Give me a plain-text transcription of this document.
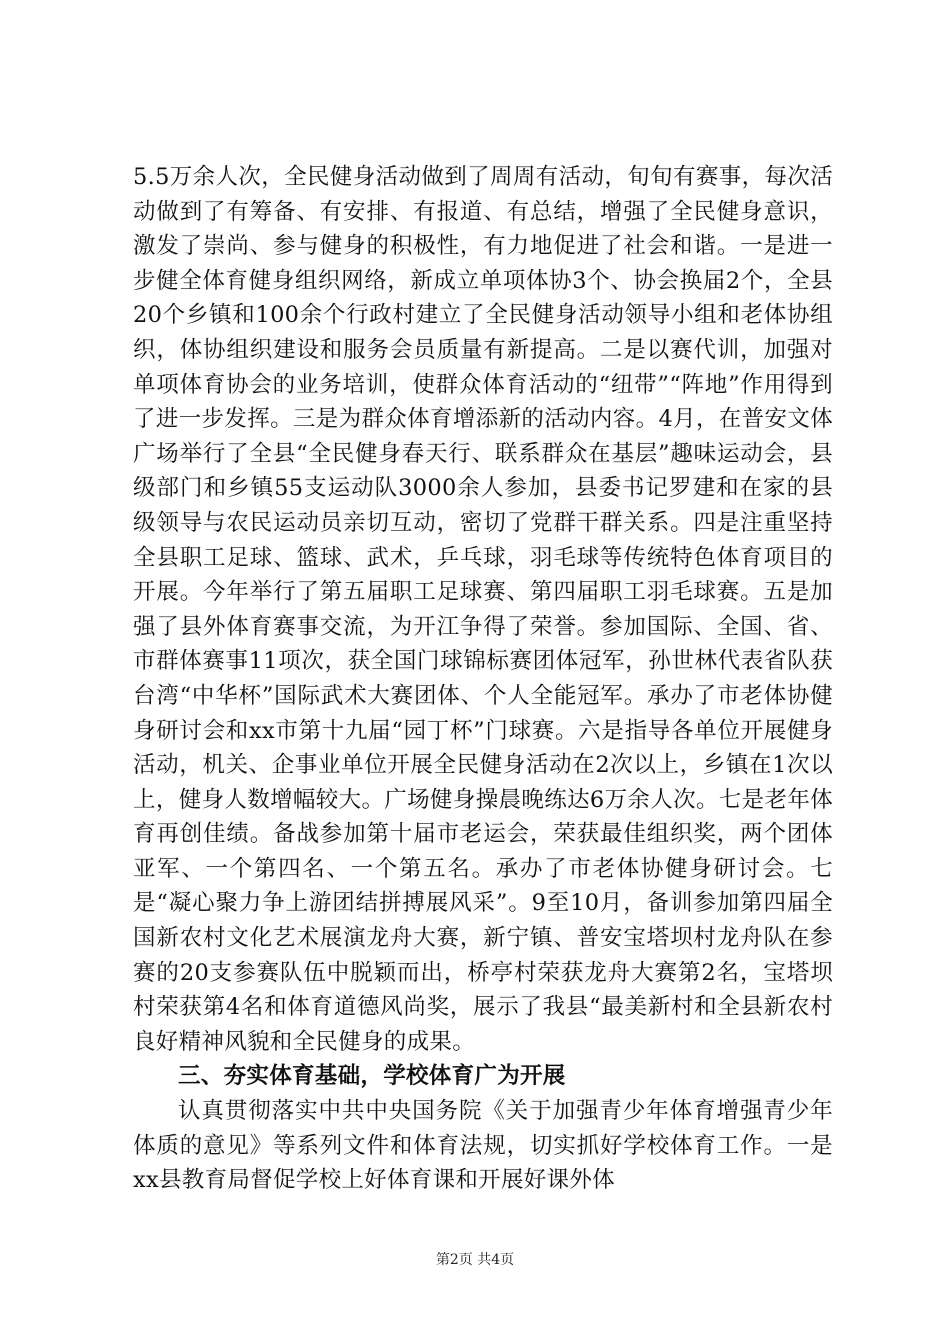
5.5万余人次，全民健身活动做到了周周有活动，旬旬有赛事，每次活动做到了有筹备、有安排、有报道、有总结，增强了全民健身意识，激发了崇尚、参与健身的积极性，有力地促进了社会和谐。一是进一步健全体育健身组织网络，新成立单项体协3个、协会换届2个，全县20个乡镇和100余个行政村建立了全民健身活动领导小组和老体协组织，体协组织建设和服务会员质量有新提高。二是以赛代训，加强对单项体育协会的业务培训，使群众体育活动的“纽带”“阵地”作用得到了进一步发挥。三是为群众体育增添新的活动内容。4月，在普安文体广场举行了全县“全民健身春天行、联系群众在基层”趣味运动会，县级部门和乡镇55支运动队3000余人参加，县委书记罗建和在家的县级领导与农民运动员亲切互动，密切了党群干群关系。四是注重坚持全县职工足球、篮球、武术，乒乓球，羽毛球等传统特色体育项目的开展。今年举行了第五届职工足球赛、第四届职工羽毛球赛。五是加强了县外体育赛事交流，为开江争得了荣誉。参加国际、全国、省、市群体赛事11项次，获全国门球锦标赛团体冠军，孙世林代表省队获台湾“中华杯”国际武术大赛团体、个人全能冠军。承办了市老体协健身研讨会和xx市第十九届“园丁杯”门球赛。六是指导各单位开展健身活动，机关、企事业单位开展全民健身活动在2次以上，乡镇在1次以上，健身人数增幅较大。广场健身操晨晚练达6万余人次。七是老年体育再创佳绩。备战参加第十届市老运会，荣获最佳组织奖，两个团体亚军、一个第四名、一个第五名。承办了市老体协健身研讨会。七是“凝心聚力争上游团结拼搏展风采”。9至10月，备训参加第四届全国新农村文化艺术展演龙舟大赛，新宁镇、普安宝塔坝村龙舟队在参赛的20支参赛队伍中脱颖而出，桥亭村荣获龙舟大赛第2名，宝塔坝村荣获第4名和体育道德风尚奖，展示了我县“最美新村和全县新农村良好精神风貌和全民健身的成果。

三、夯实体育基础，学校体育广为开展

认真贯彻落实中共中央国务院《关于加强青少年体育增强青少年体质的意见》等系列文件和体育法规，切实抓好学校体育工作。一是xx县教育局督促学校上好体育课和开展好课外体

第2页 共4页
